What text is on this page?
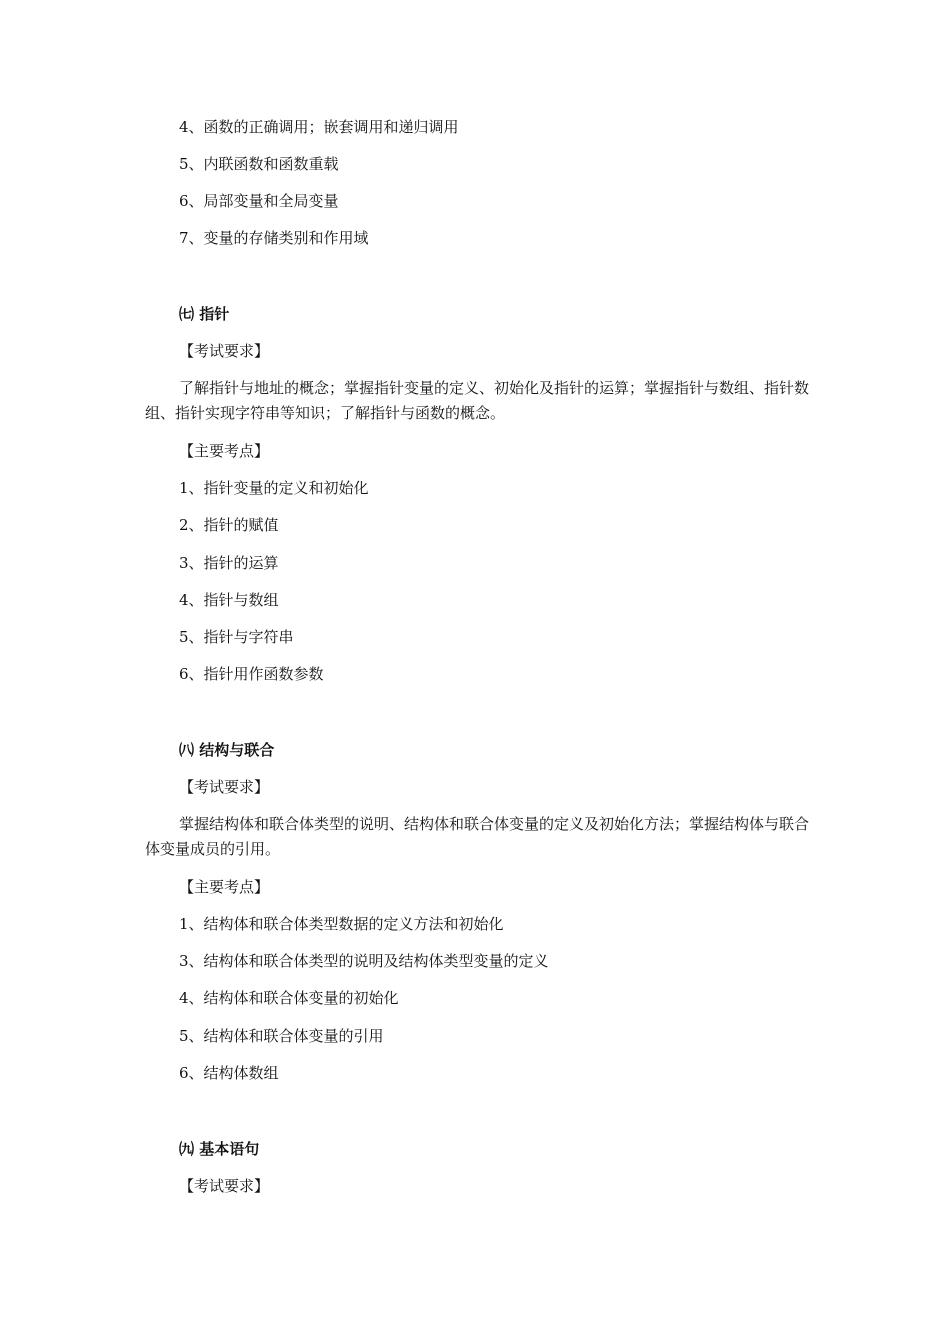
4、函数的正确调用；嵌套调用和递归调用
5、内联函数和函数重载
6、局部变量和全局变量
7、变量的存储类别和作用域
㈦ 指针
【考试要求】
了解指针与地址的概念；掌握指针变量的定义、初始化及指针的运算；掌握指针与数组、指针数组、指针实现字符串等知识；了解指针与函数的概念。
【主要考点】
1、指针变量的定义和初始化
2、指针的赋值
3、指针的运算
4、指针与数组
5、指针与字符串
6、指针用作函数参数
㈧ 结构与联合
【考试要求】
掌握结构体和联合体类型的说明、结构体和联合体变量的定义及初始化方法；掌握结构体与联合体变量成员的引用。
【主要考点】
1、结构体和联合体类型数据的定义方法和初始化
3、结构体和联合体类型的说明及结构体类型变量的定义
4、结构体和联合体变量的初始化
5、结构体和联合体变量的引用
6、结构体数组
㈨ 基本语句
【考试要求】
